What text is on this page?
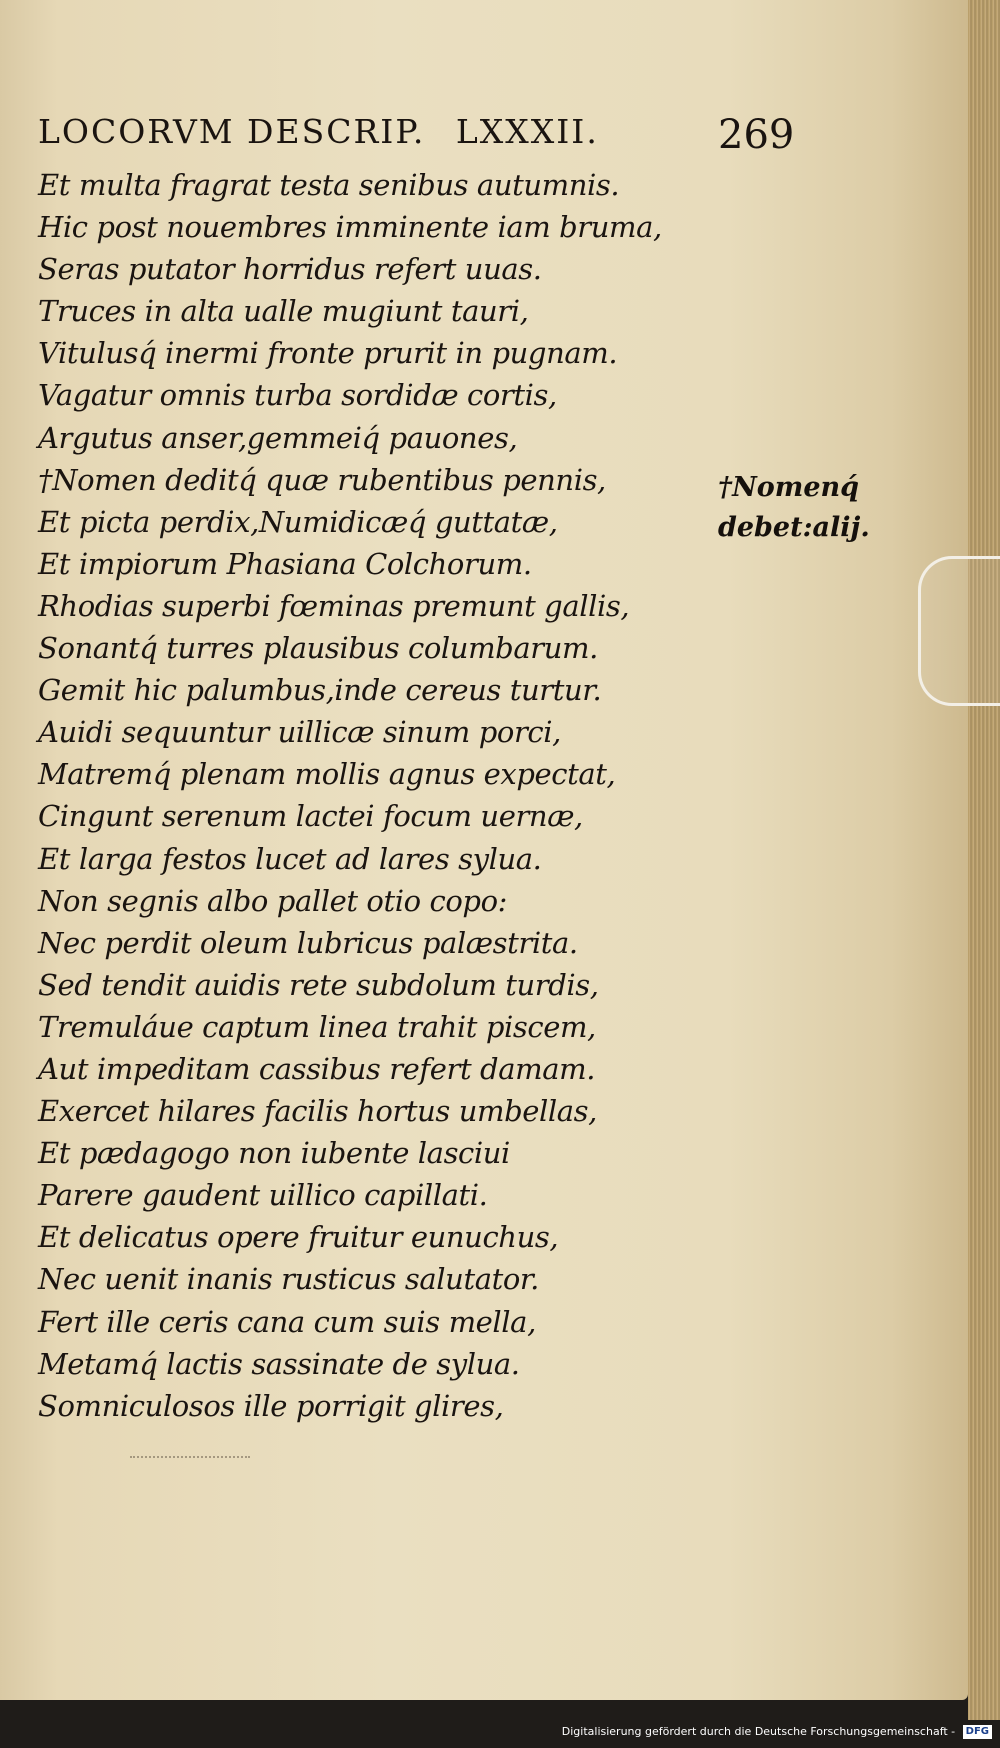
LOCORVM DESCRIP. LXXXII.	269
Et multa fragrat testa senibus autumnis.
Hic post nouembres imminente iam bruma,
Seras putator horridus refert uuas.
Truces in alta ualle mugiunt tauri,
Vitulusq́ inermi fronte prurit in pugnam.
Vagatur omnis turba sordidæ cortis,
Argutus anser,gemmeiq́ pauones,
†Nomen deditq́ quæ rubentibus pennis,
Et picta perdix,Numidicæq́ guttatæ,
Et impiorum Phasiana Colchorum.
Rhodias superbi fœminas premunt gallis,
Sonantq́ turres plausibus columbarum.
Gemit hic palumbus,inde cereus turtur.
Auidi sequuntur uillicæ sinum porci,
Matremq́ plenam mollis agnus expectat,
Cingunt serenum lactei focum uernæ,
Et larga festos lucet ad lares sylua.
Non segnis albo pallet otio copo:
Nec perdit oleum lubricus palæstrita.
Sed tendit auidis rete subdolum turdis,
Tremuláue captum linea trahit piscem,
Aut impeditam cassibus refert damam.
Exercet hilares facilis hortus umbellas,
Et pædagogo non iubente lasciui
Parere gaudent uillico capillati.
Et delicatus opere fruitur eunuchus,
Nec uenit inanis rusticus salutator.
Fert ille ceris cana cum suis mella,
Metamq́ lactis sassinate de sylua.
Somniculosos ille porrigit glires,
†Nomenq́
debet:alij.
Digitalisierung gefördert durch die Deutsche Forschungsgemeinschaft - DFG
